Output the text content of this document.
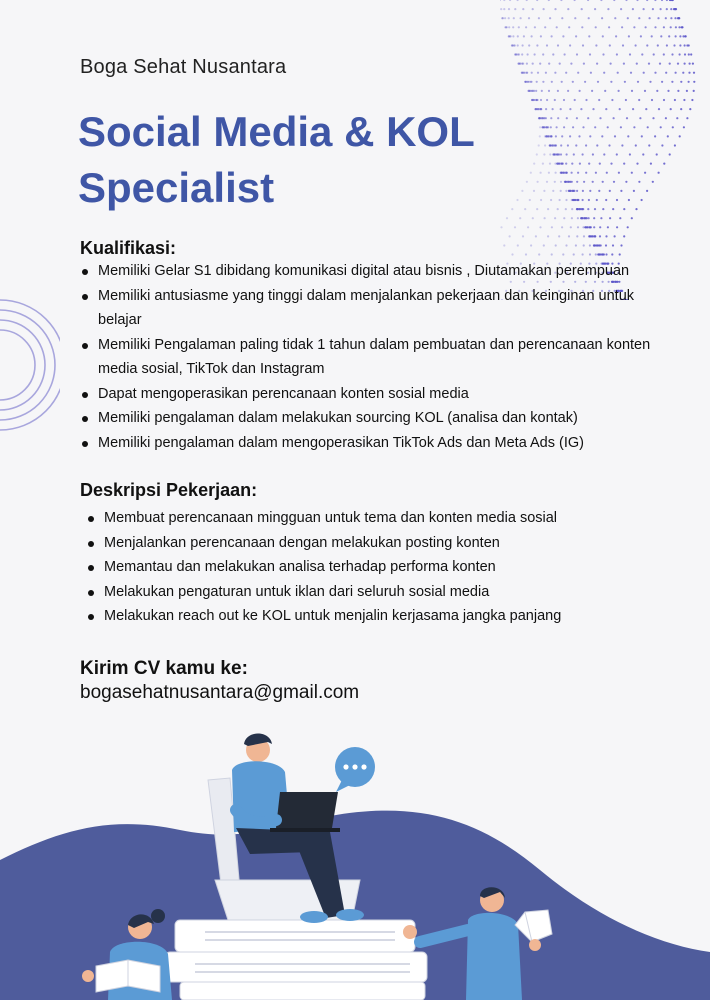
Boga Sehat Nusantara
Social Media & KOL Specialist
Kualifikasi:
Memiliki Gelar S1 dibidang komunikasi digital atau bisnis , Diutamakan perempuan
Memiliki antusiasme yang tinggi dalam menjalankan pekerjaan dan keinginan untuk belajar
Memiliki Pengalaman paling tidak 1 tahun dalam pembuatan dan perencanaan konten media sosial, TikTok dan Instagram
Dapat mengoperasikan perencanaan konten sosial media
Memiliki pengalaman dalam melakukan sourcing KOL (analisa dan kontak)
Memiliki pengalaman dalam mengoperasikan TikTok Ads dan Meta Ads (IG)
Deskripsi Pekerjaan:
Membuat perencanaan mingguan untuk tema dan konten media sosial
Menjalankan perencanaan dengan melakukan posting konten
Memantau dan melakukan analisa terhadap performa konten
Melakukan pengaturan untuk iklan dari seluruh sosial media
Melakukan reach out ke KOL untuk menjalin kerjasama jangka panjang
Kirim CV kamu ke:
bogasehatnusantara@gmail.com
